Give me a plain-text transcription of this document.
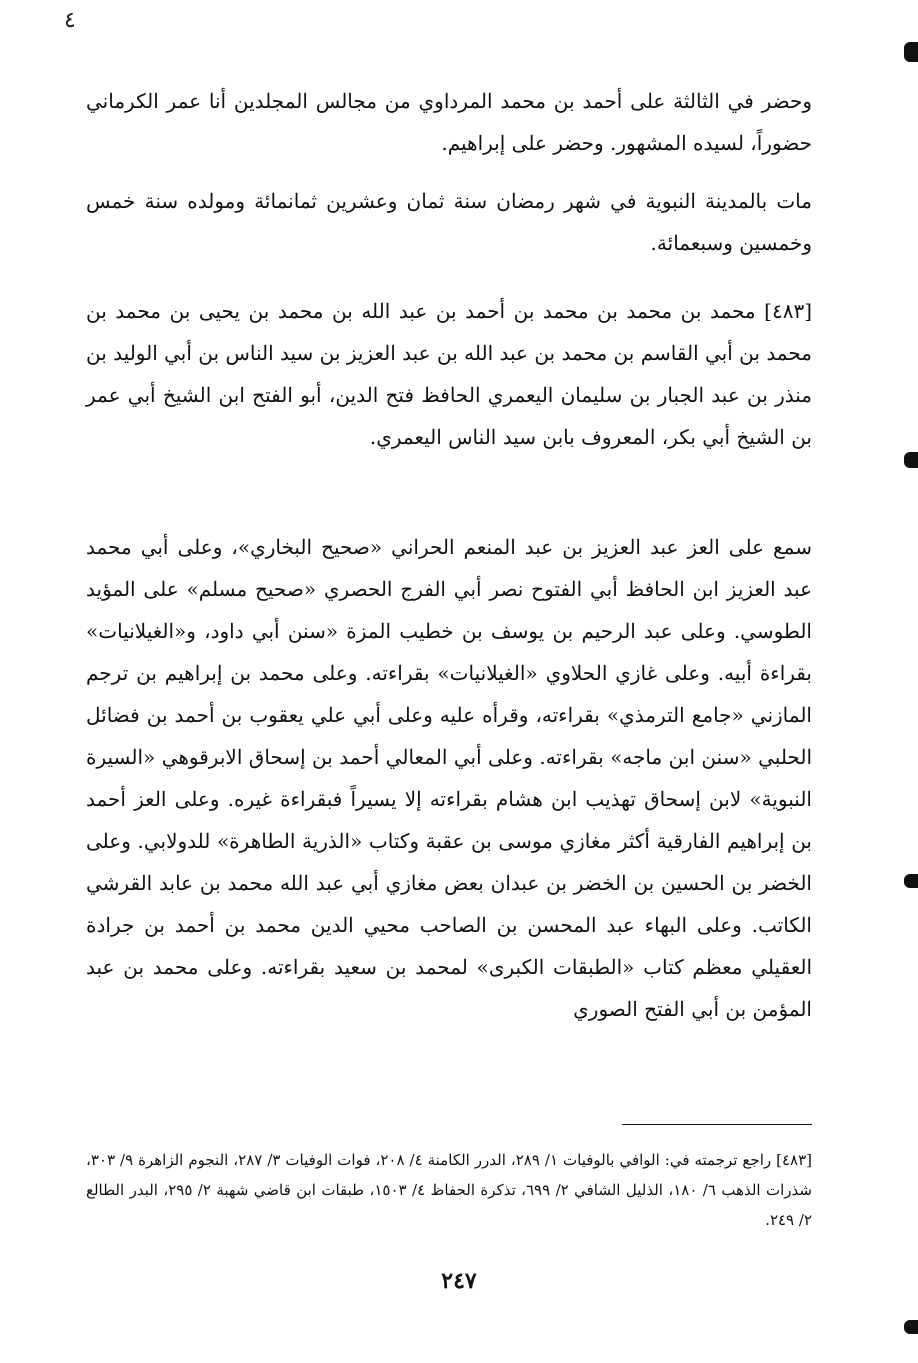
٤

وحضر في الثالثة على أحمد بن محمد المرداوي من مجالس المجلدين أنا عمر الكرماني حضوراً، لسيده المشهور. وحضر على إبراهيم.

مات بالمدينة النبوية في شهر رمضان سنة ثمان وعشرين ثمانمائة ومولده سنة خمس وخمسين وسبعمائة.

[٤٨٣] محمد بن محمد بن محمد بن أحمد بن عبد الله بن محمد بن يحيى بن محمد بن محمد بن أبي القاسم بن محمد بن عبد الله بن عبد العزيز بن سيد الناس بن أبي الوليد بن منذر بن عبد الجبار بن سليمان اليعمري الحافظ فتح الدين، أبو الفتح ابن الشيخ أبي عمر بن الشيخ أبي بكر، المعروف بابن سيد الناس اليعمري.

سمع على العز عبد العزيز بن عبد المنعم الحراني «صحيح البخاري»، وعلى أبي محمد عبد العزيز ابن الحافظ أبي الفتوح نصر أبي الفرج الحصري «صحيح مسلم» على المؤيد الطوسي. وعلى عبد الرحيم بن يوسف بن خطيب المزة «سنن أبي داود، و«الغيلانيات» بقراءة أبيه. وعلى غازي الحلاوي «الغيلانيات» بقراءته. وعلى محمد بن إبراهيم بن ترجم المازني «جامع الترمذي» بقراءته، وقرأه عليه وعلى أبي علي يعقوب بن أحمد بن فضائل الحلبي «سنن ابن ماجه» بقراءته. وعلى أبي المعالي أحمد بن إسحاق الابرقوهي «السيرة النبوية» لابن إسحاق تهذيب ابن هشام بقراءته إلا يسيراً فبقراءة غيره. وعلى العز أحمد بن إبراهيم الفارقية أكثر مغازي موسى بن عقبة وكتاب «الذرية الطاهرة» للدولابي. وعلى الخضر بن الحسين بن الخضر بن عبدان بعض مغازي أبي عبد الله محمد بن عابد القرشي الكاتب. وعلى البهاء عبد المحسن بن الصاحب محيي الدين محمد بن أحمد بن جرادة العقيلي معظم كتاب «الطبقات الكبرى» لمحمد بن سعيد بقراءته. وعلى محمد بن عبد المؤمن بن أبي الفتح الصوري

[٤٨٣] راجع ترجمته في: الوافي بالوفيات ١/ ٢٨٩، الدرر الكامنة ٤/ ٢٠٨، فوات الوفيات ٣/ ٢٨٧، النجوم الزاهرة ٩/ ٣٠٣، شذرات الذهب ٦/ ١٨٠، الذليل الشافي ٢/ ٦٩٩، تذكرة الحفاظ ٤/ ١٥٠٣، طبقات ابن قاضي شهبة ٢/ ٢٩٥، البدر الطالع ٢/ ٢٤٩.
٢٤٧
